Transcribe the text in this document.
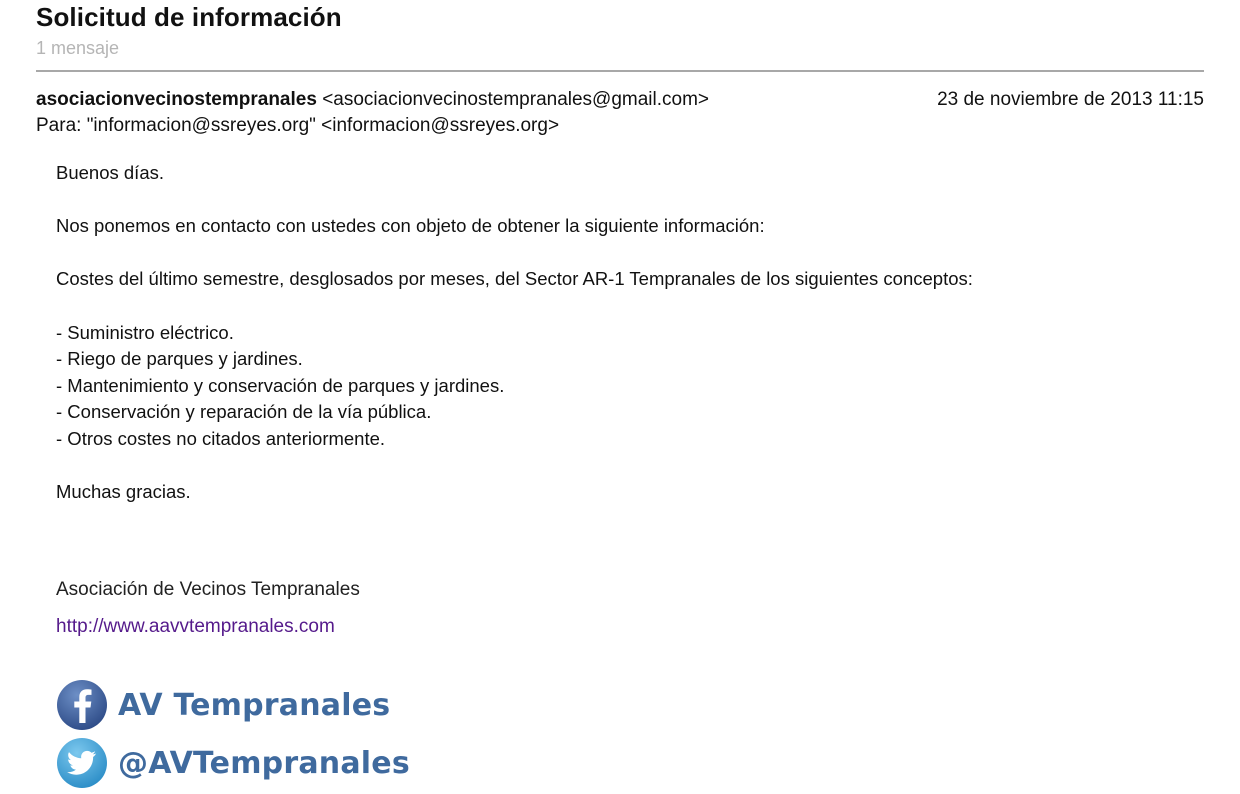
Solicitud de información
1 mensaje
asociacionvecinostempranales <asociacionvecinostempranales@gmail.com>	23 de noviembre de 2013 11:15
Para: "informacion@ssreyes.org" <informacion@ssreyes.org>

Buenos días.

Nos ponemos en contacto con ustedes con objeto de obtener la siguiente información:

Costes del último semestre, desglosados por meses, del Sector AR-1 Tempranales de los siguientes conceptos:

- Suministro eléctrico.
- Riego de parques y jardines.
- Mantenimiento y conservación de parques y jardines.
- Conservación y reparación de la vía pública.
- Otros costes no citados anteriormente.

Muchas gracias.

Asociación de Vecinos Tempranales
http://www.aavvtempranales.com
AV Tempranales
@AVTempranales
